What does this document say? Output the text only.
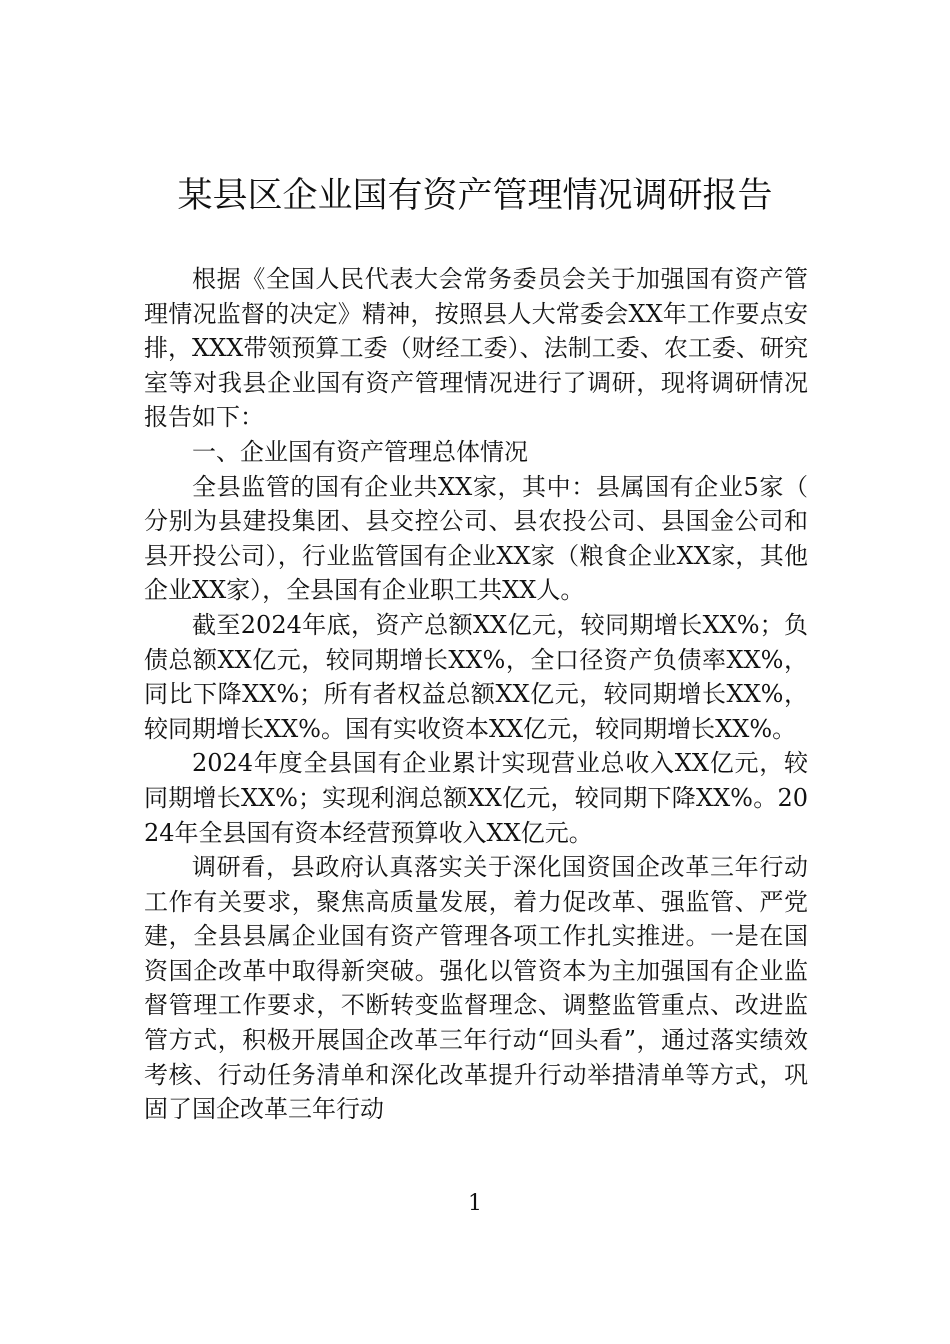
某县区企业国有资产管理情况调研报告

根据《全国人民代表大会常务委员会关于加强国有资产管理情况监督的决定》精神，按照县人大常委会XX年工作要点安排，XXX带领预算工委（财经工委）、法制工委、农工委、研究室等对我县企业国有资产管理情况进行了调研，现将调研情况报告如下：

一、企业国有资产管理总体情况

全县监管的国有企业共XX家，其中：县属国有企业5家（分别为县建投集团、县交控公司、县农投公司、县国金公司和县开投公司），行业监管国有企业XX家（粮食企业XX家，其他企业XX家），全县国有企业职工共XX人。

截至2024年底，资产总额XX亿元，较同期增长XX%；负债总额XX亿元，较同期增长XX%，全口径资产负债率XX%，同比下降XX%；所有者权益总额XX亿元，较同期增长XX%，较同期增长XX%。国有实收资本XX亿元，较同期增长XX%。

2024年度全县国有企业累计实现营业总收入XX亿元，较同期增长XX%；实现利润总额XX亿元，较同期下降XX%。2024年全县国有资本经营预算收入XX亿元。

调研看，县政府认真落实关于深化国资国企改革三年行动工作有关要求，聚焦高质量发展，着力促改革、强监管、严党建，全县县属企业国有资产管理各项工作扎实推进。一是在国资国企改革中取得新突破。强化以管资本为主加强国有企业监督管理工作要求，不断转变监督理念、调整监管重点、改进监管方式，积极开展国企改革三年行动“回头看”，通过落实绩效考核、行动任务清单和深化改革提升行动举措清单等方式，巩固了国企改革三年行动

1
